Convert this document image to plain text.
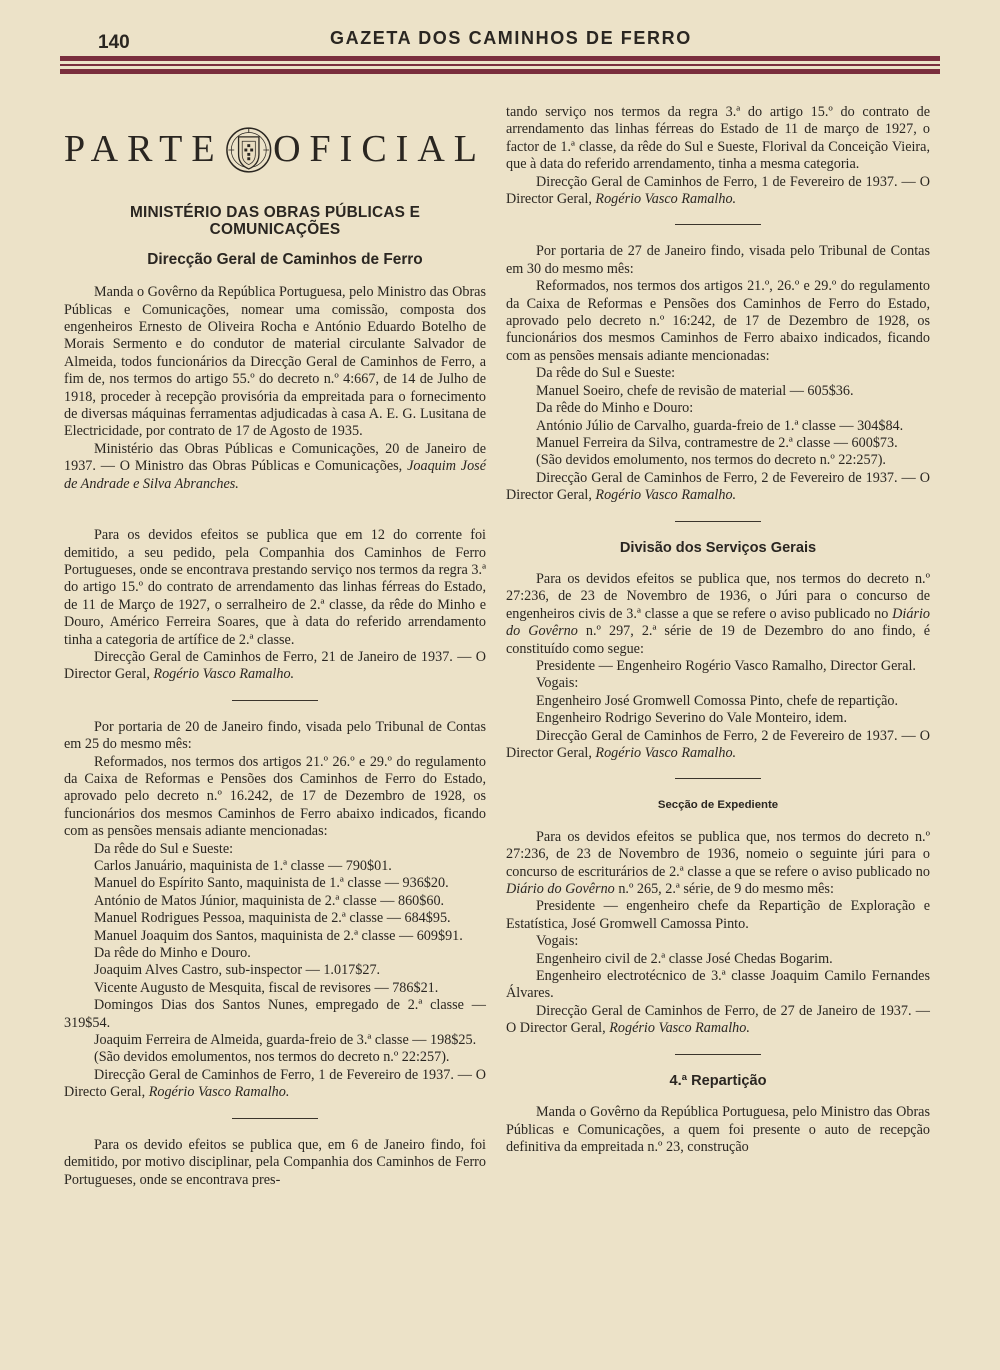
140	GAZETA DOS CAMINHOS DE FERRO
PARTE OFICIAL
MINISTÉRIO DAS OBRAS PÚBLICAS E COMUNICAÇÕES
Direcção Geral de Caminhos de Ferro

Manda o Govêrno da República Portuguesa, pelo Ministro das Obras Públicas e Comunicações, nomear uma comissão, composta dos engenheiros Ernesto de Oliveira Rocha e António Eduardo Botelho de Morais Sermento e do condutor de material circulante Salvador de Almeida, todos funcionários da Direcção Geral de Caminhos de Ferro, a fim de, nos termos do artigo 55.º do decreto n.º 4:667, de 14 de Julho de 1918, proceder à recepção provisória da empreitada para o fornecimento de diversas máquinas ferramentas adjudicadas à casa A. E. G. Lusitana de Electricidade, por contrato de 17 de Agosto de 1935.

Ministério das Obras Públicas e Comunicações, 20 de Janeiro de 1937. — O Ministro das Obras Públicas e Comunicações, Joaquim José de Andrade e Silva Abranches.

Para os devidos efeitos se publica que em 12 do corrente foi demitido, a seu pedido, pela Companhia dos Caminhos de Ferro Portugueses, onde se encontrava prestando serviço nos termos da regra 3.ª do artigo 15.º do contrato de arrendamento das linhas férreas do Estado, de 11 de Março de 1927, o serralheiro de 2.ª classe, da rêde do Minho e Douro, Américo Ferreira Soares, que à data do referido arrendamento tinha a categoria de artífice de 2.ª classe.

Direcção Geral de Caminhos de Ferro, 21 de Janeiro de 1937. — O Director Geral, Rogério Vasco Ramalho.

Por portaria de 20 de Janeiro findo, visada pelo Tribunal de Contas em 25 do mesmo mês:

Reformados, nos termos dos artigos 21.º 26.º e 29.º do regulamento da Caixa de Reformas e Pensões dos Caminhos de Ferro do Estado, aprovado pelo decreto n.º 16.242, de 17 de Dezembro de 1928, os funcionários dos mesmos Caminhos de Ferro abaixo indicados, ficando com as pensões mensais adiante mencionadas:

Da rêde do Sul e Sueste:

Carlos Januário, maquinista de 1.ª classe — 790$01.

Manuel do Espírito Santo, maquinista de 1.ª classe — 936$20.

António de Matos Júnior, maquinista de 2.ª classe — 860$60.

Manuel Rodrigues Pessoa, maquinista de 2.ª classe — 684$95.

Manuel Joaquim dos Santos, maquinista de 2.ª classe — 609$91.

Da rêde do Minho e Douro.

Joaquim Alves Castro, sub-inspector — 1.017$27.

Vicente Augusto de Mesquita, fiscal de revisores — 786$21.

Domingos Dias dos Santos Nunes, empregado de 2.ª classe — 319$54.

Joaquim Ferreira de Almeida, guarda-freio de 3.ª classe — 198$25.

(São devidos emolumentos, nos termos do decreto n.º 22:257).

Direcção Geral de Caminhos de Ferro, 1 de Fevereiro de 1937. — O Directo Geral, Rogério Vasco Ramalho.

Para os devido efeitos se publica que, em 6 de Janeiro findo, foi demitido, por motivo disciplinar, pela Companhia dos Caminhos de Ferro Portugueses, onde se encontrava pres-

tando serviço nos termos da regra 3.ª do artigo 15.º do contrato de arrendamento das linhas férreas do Estado de 11 de março de 1927, o factor de 1.ª classe, da rêde do Sul e Sueste, Florival da Conceição Vieira, que à data do referido arrendamento, tinha a mesma categoria.

Direcção Geral de Caminhos de Ferro, 1 de Fevereiro de 1937. — O Director Geral, Rogério Vasco Ramalho.

Por portaria de 27 de Janeiro findo, visada pelo Tribunal de Contas em 30 do mesmo mês:

Reformados, nos termos dos artigos 21.º, 26.º e 29.º do regulamento da Caixa de Reformas e Pensões dos Caminhos de Ferro do Estado, aprovado pelo decreto n.º 16:242, de 17 de Dezembro de 1928, os funcionários dos mesmos Caminhos de Ferro abaixo indicados, ficando com as pensões mensais adiante mencionadas:

Da rêde do Sul e Sueste:

Manuel Soeiro, chefe de revisão de material — 605$36.

Da rêde do Minho e Douro:

António Júlio de Carvalho, guarda-freio de 1.ª classe — 304$84.

Manuel Ferreira da Silva, contramestre de 2.ª classe — 600$73.

(São devidos emolumento, nos termos do decreto n.º 22:257).

Direcção Geral de Caminhos de Ferro, 2 de Fevereiro de 1937. — O Director Geral, Rogério Vasco Ramalho.

Divisão dos Serviços Gerais

Para os devidos efeitos se publica que, nos termos do decreto n.º 27:236, de 23 de Novembro de 1936, o Júri para o concurso de engenheiros civis de 3.ª classe a que se refere o aviso publicado no Diário do Govêrno n.º 297, 2.ª série de 19 de Dezembro do ano findo, é constituído como segue:

Presidente — Engenheiro Rogério Vasco Ramalho, Director Geral.

Vogais:

Engenheiro José Gromwell Comossa Pinto, chefe de repartição.

Engenheiro Rodrigo Severino do Vale Monteiro, idem.

Direcção Geral de Caminhos de Ferro, 2 de Fevereiro de 1937. — O Director Geral, Rogério Vasco Ramalho.

Secção de Expediente

Para os devidos efeitos se publica que, nos termos do decreto n.º 27:236, de 23 de Novembro de 1936, nomeio o seguinte júri para o concurso de escriturários de 2.ª classe a que se refere o aviso publicado no Diário do Govêrno n.º 265, 2.ª série, de 9 do mesmo mês:

Presidente — engenheiro chefe da Repartição de Exploração e Estatística, José Gromwell Camossa Pinto.

Vogais:

Engenheiro civil de 2.ª classe José Chedas Bogarim.

Engenheiro electrotécnico de 3.ª classe Joaquim Camilo Fernandes Álvares.

Direcção Geral de Caminhos de Ferro, de 27 de Janeiro de 1937. — O Director Geral, Rogério Vasco Ramalho.

4.ª Repartição

Manda o Govêrno da República Portuguesa, pelo Ministro das Obras Públicas e Comunicações, a quem foi presente o auto de recepção definitiva da empreitada n.º 23, construção
